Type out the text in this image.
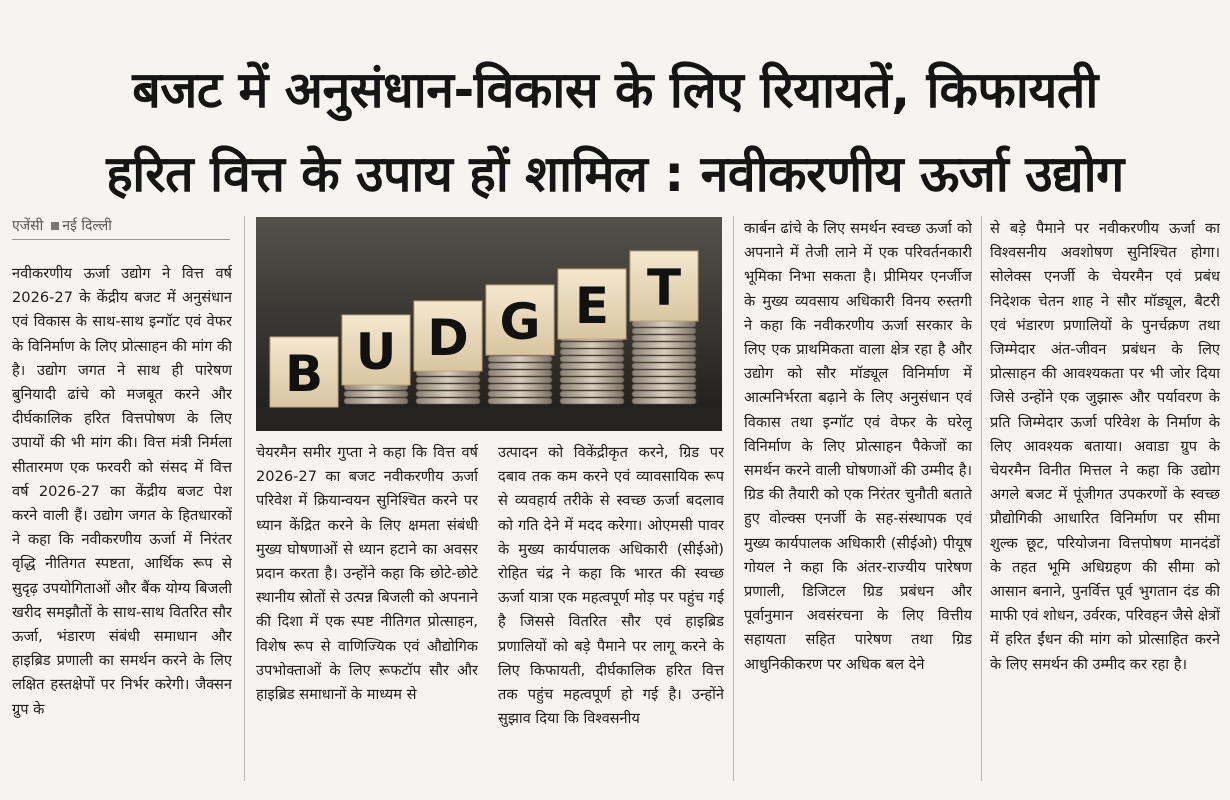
बजट में अनुसंधान-विकास के लिए रियायतें, किफायती
हरित वित्त के उपाय हों शामिल : नवीकरणीय ऊर्जा उद्योग
एजेंसी नई दिल्ली
B U D G E T
नवीकरणीय ऊर्जा उद्योग ने वित्त वर्ष 2026-27 के केंद्रीय बजट में अनुसंधान एवं विकास के साथ-साथ इन्गॉट एवं वेफर के विनिर्माण के लिए प्रोत्साहन की मांग की है। उद्योग जगत ने साथ ही पारेषण बुनियादी ढांचे को मजबूत करने और दीर्घकालिक हरित वित्तपोषण के लिए उपायों की भी मांग की। वित्त मंत्री निर्मला सीतारमण एक फरवरी को संसद में वित्त वर्ष 2026-27 का केंद्रीय बजट पेश करने वाली हैं। उद्योग जगत के हितधारकों ने कहा कि नवीकरणीय ऊर्जा में निरंतर वृद्धि नीतिगत स्पष्टता, आर्थिक रूप से सुदृढ़ उपयोगिताओं और बैंक योग्य बिजली खरीद समझौतों के साथ-साथ वितरित सौर ऊर्जा, भंडारण संबंधी समाधान और हाइब्रिड प्रणाली का समर्थन करने के लिए लक्षित हस्तक्षेपों पर निर्भर करेगी। जैक्सन ग्रुप के
चेयरमैन समीर गुप्ता ने कहा कि वित्त वर्ष 2026-27 का बजट नवीकरणीय ऊर्जा परिवेश में क्रियान्वयन सुनिश्चित करने पर ध्यान केंद्रित करने के लिए क्षमता संबंधी मुख्य घोषणाओं से ध्यान हटाने का अवसर प्रदान करता है। उन्होंने कहा कि छोटे-छोटे स्थानीय स्रोतों से उत्पन्न बिजली को अपनाने की दिशा में एक स्पष्ट नीतिगत प्रोत्साहन, विशेष रूप से वाणिज्यिक एवं औद्योगिक उपभोक्ताओं के लिए रूफटॉप सौर और हाइब्रिड समाधानों के माध्यम से
उत्पादन को विकेंद्रीकृत करने, ग्रिड पर दबाव तक कम करने एवं व्यावसायिक रूप से व्यवहार्य तरीके से स्वच्छ ऊर्जा बदलाव को गति देने में मदद करेगा। ओएमसी पावर के मुख्य कार्यपालक अधिकारी (सीईओ) रोहित चंद्र ने कहा कि भारत की स्वच्छ ऊर्जा यात्रा एक महत्वपूर्ण मोड़ पर पहुंच गई है जिससे वितरित सौर एवं हाइब्रिड प्रणालियों को बड़े पैमाने पर लागू करने के लिए किफायती, दीर्घकालिक हरित वित्त तक पहुंच महत्वपूर्ण हो गई है। उन्होंने सुझाव दिया कि विश्वसनीय
कार्बन ढांचे के लिए समर्थन स्वच्छ ऊर्जा को अपनाने में तेजी लाने में एक परिवर्तनकारी भूमिका निभा सकता है। प्रीमियर एनर्जीज के मुख्य व्यवसाय अधिकारी विनय रुस्तगी ने कहा कि नवीकरणीय ऊर्जा सरकार के लिए एक प्राथमिकता वाला क्षेत्र रहा है और उद्योग को सौर मॉड्यूल विनिर्माण में आत्मनिर्भरता बढ़ाने के लिए अनुसंधान एवं विकास तथा इन्गॉट एवं वेफर के घरेलू विनिर्माण के लिए प्रोत्साहन पैकेजों का समर्थन करने वाली घोषणाओं की उम्मीद है। ग्रिड की तैयारी को एक निरंतर चुनौती बताते हुए वोल्क्स एनर्जी के सह-संस्थापक एवं मुख्य कार्यपालक अधिकारी (सीईओ) पीयूष गोयल ने कहा कि अंतर-राज्यीय पारेषण प्रणाली, डिजिटल ग्रिड प्रबंधन और पूर्वानुमान अवसंरचना के लिए वित्तीय सहायता सहित पारेषण तथा ग्रिड आधुनिकीकरण पर अधिक बल देने
से बड़े पैमाने पर नवीकरणीय ऊर्जा का विश्वसनीय अवशोषण सुनिश्चित होगा। सोलेक्स एनर्जी के चेयरमैन एवं प्रबंध निदेशक चेतन शाह ने सौर मॉड्यूल, बैटरी एवं भंडारण प्रणालियों के पुनर्चक्रण तथा जिम्मेदार अंत-जीवन प्रबंधन के लिए प्रोत्साहन की आवश्यकता पर भी जोर दिया जिसे उन्होंने एक जुझारू और पर्यावरण के प्रति जिम्मेदार ऊर्जा परिवेश के निर्माण के लिए आवश्यक बताया। अवाडा ग्रुप के चेयरमैन विनीत मित्तल ने कहा कि उद्योग अगले बजट में पूंजीगत उपकरणों के स्वच्छ प्रौद्योगिकी आधारित विनिर्माण पर सीमा शुल्क छूट, परियोजना वित्तपोषण मानदंडों के तहत भूमि अधिग्रहण की सीमा को आसान बनाने, पुनर्वित्त पूर्व भुगतान दंड की माफी एवं शोधन, उर्वरक, परिवहन जैसे क्षेत्रों में हरित ईंधन की मांग को प्रोत्साहित करने के लिए समर्थन की उम्मीद कर रहा है।
